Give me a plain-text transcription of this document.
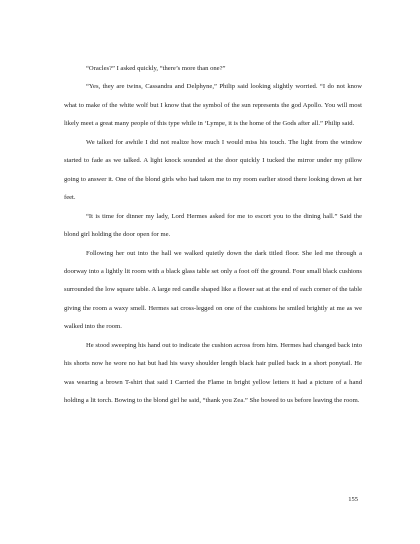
“Oracles?” I asked quickly, “there’s more than one?”

“Yes, they are twins, Cassandra and Delphyne,” Philip said looking slightly worried. “I do not know what to make of the white wolf but I know that the symbol of the sun represents the god Apollo. You will most likely meet a great many people of this type while in ‘Lympe, it is the home of the Gods after all.” Philip said.

We talked for awhile I did not realize how much I would miss his touch. The light from the window started to fade as we talked. A light knock sounded at the door quickly I tucked the mirror under my pillow going to answer it. One of the blond girls who had taken me to my room earlier stood there looking down at her feet.

“It is time for dinner my lady, Lord Hermes asked for me to escort you to the dining hall.” Said the blond girl holding the door open for me.

Following her out into the hall we walked quietly down the dark titled floor. She led me through a doorway into a lightly lit room with a black glass table set only a foot off the ground. Four small black cushions surrounded the low square table. A large red candle shaped like a flower sat at the end of each corner of the table giving the room a waxy smell. Hermes sat cross-legged on one of the cushions he smiled brightly at me as we walked into the room.

He stood sweeping his hand out to indicate the cushion across from him. Hermes had changed back into his shorts now he wore no hat but had his wavy shoulder length black hair pulled back in a short ponytail. He was wearing a brown T-shirt that said I Carried the Flame in bright yellow letters it had a picture of a hand holding a lit torch. Bowing to the blond girl he said, “thank you Zea.” She bowed to us before leaving the room.

155
